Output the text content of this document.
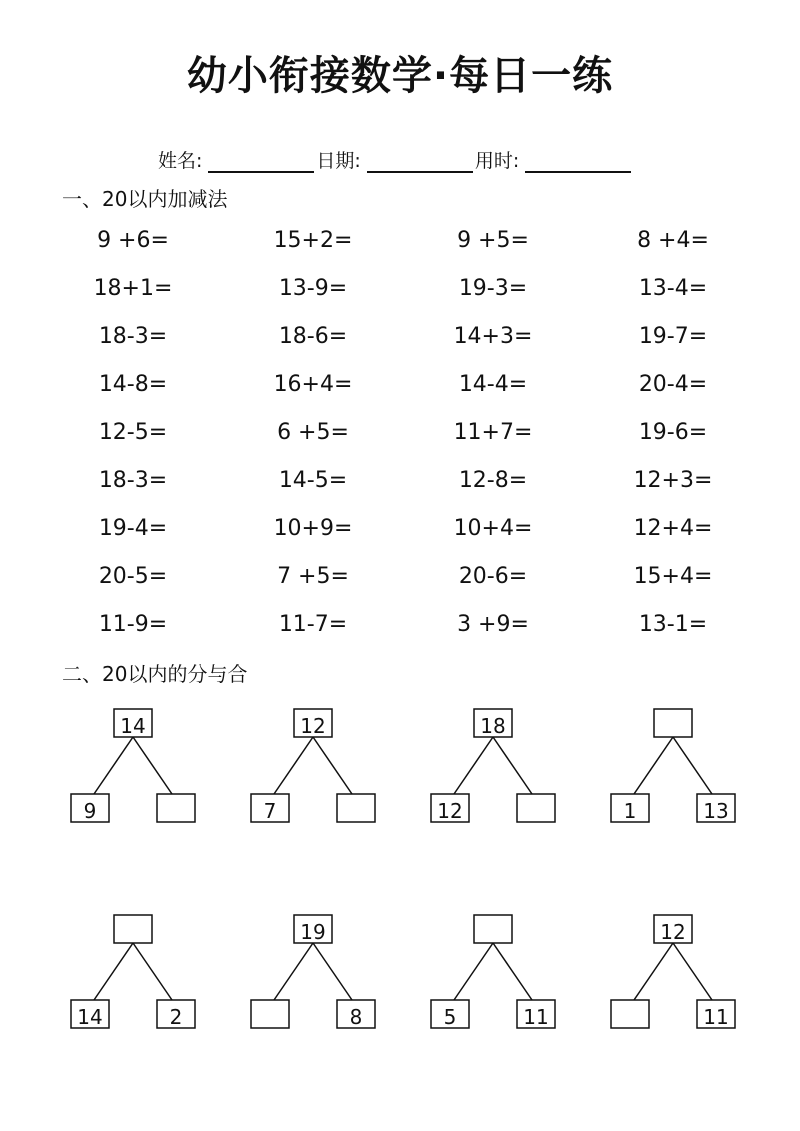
幼小衔接数学·每日一练
姓名:	日期:	用时:
一、20以内加减法
9 +6=	15+2=	9 +5=	8 +4=
18+1=	13-9=	19-3=	13-4=
18-3=	18-6=	14+3=	19-7=
14-8=	16+4=	14-4=	20-4=
12-5=	6 +5=	11+7=	19-6=
18-3=	14-5=	12-8=	12+3=
19-4=	10+9=	10+4=	12+4=
20-5=	7 +5=	20-6=	15+4=
11-9=	11-7=	3 +9=	13-1=
二、20以内的分与合
14
9
12
7
18
12	1	13
14	2
19
8	5	11
12
11
